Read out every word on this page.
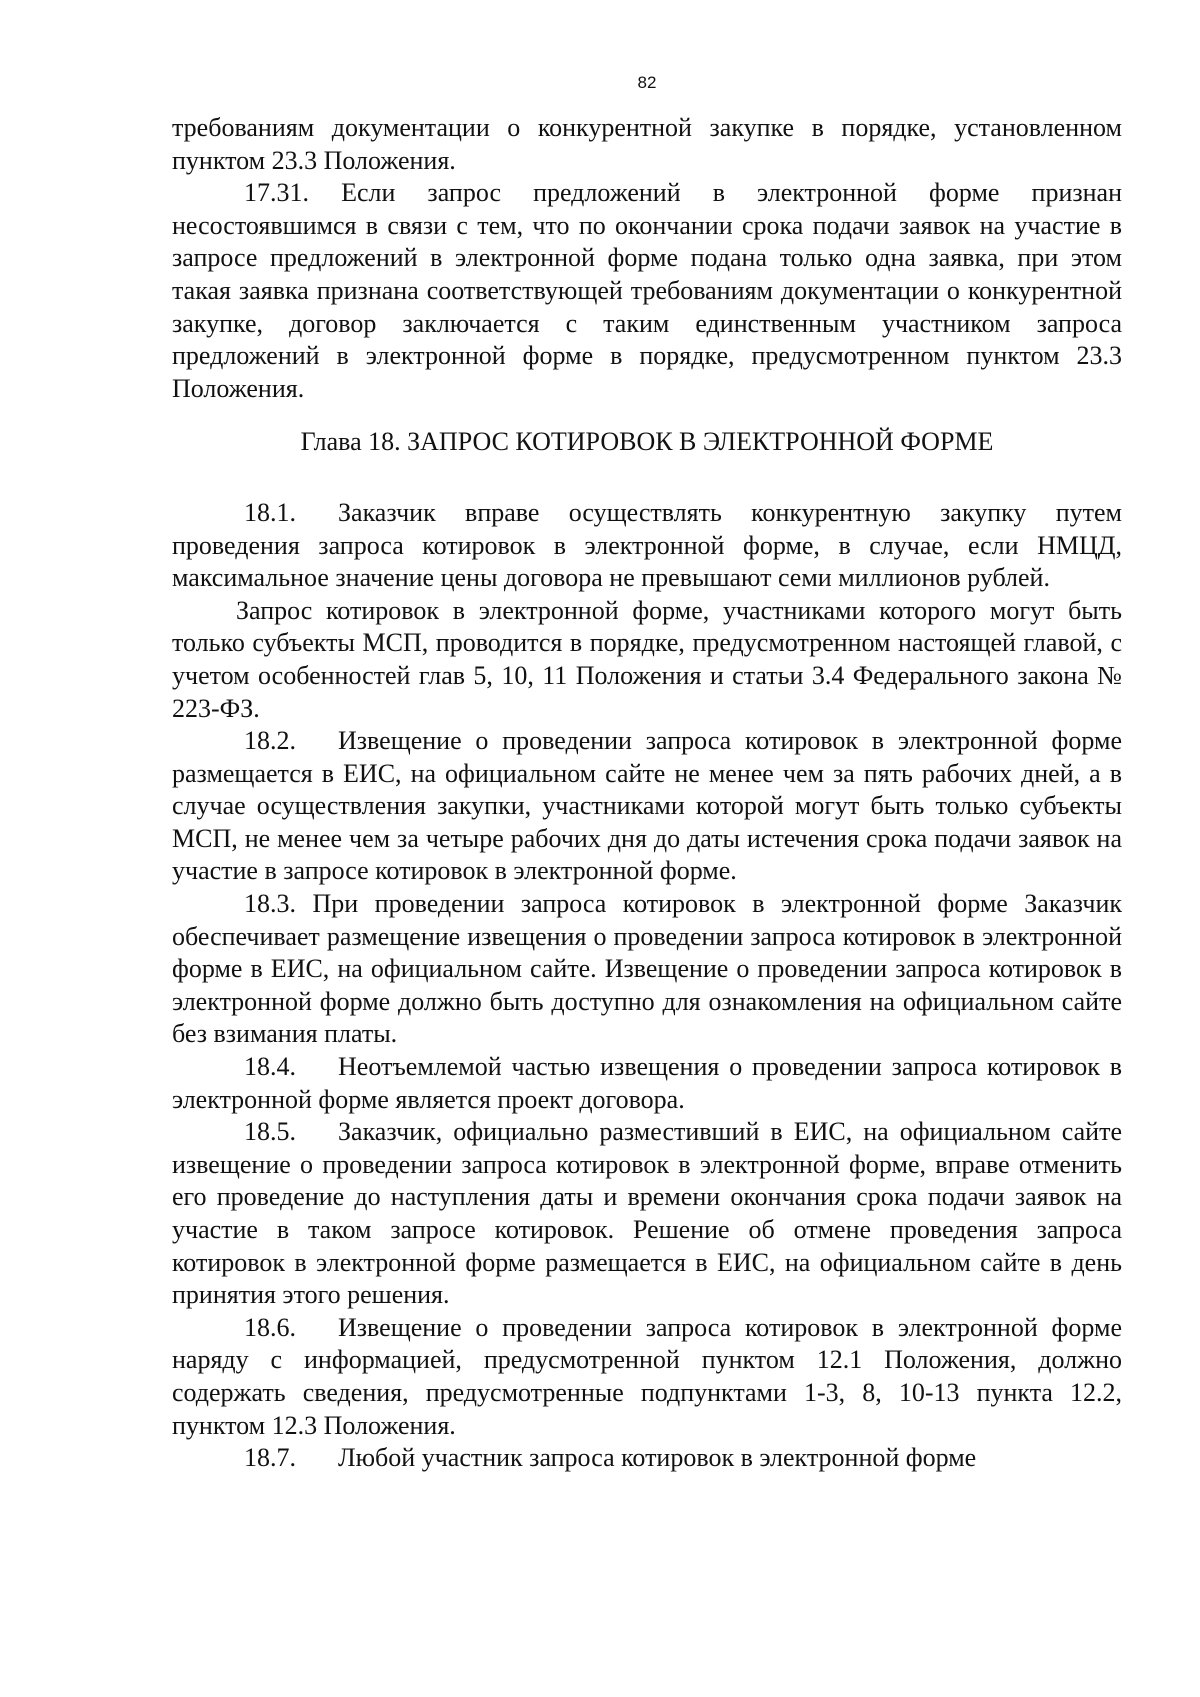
82

требованиям документации о конкурентной закупке в порядке, установленном пунктом 23.3 Положения.

17.31. Если запрос предложений в электронной форме признан несостоявшимся в связи с тем, что по окончании срока подачи заявок на участие в запросе предложений в электронной форме подана только одна заявка, при этом такая заявка признана соответствующей требованиям документации о конкурентной закупке, договор заключается с таким единственным участником запроса предложений в электронной форме в порядке, предусмотренном пунктом 23.3 Положения.

Глава 18. ЗАПРОС КОТИРОВОК В ЭЛЕКТРОННОЙ ФОРМЕ

18.1. Заказчик вправе осуществлять конкурентную закупку путем проведения запроса котировок в электронной форме, в случае, если НМЦД, максимальное значение цены договора не превышают семи миллионов рублей.

Запрос котировок в электронной форме, участниками которого могут быть только субъекты МСП, проводится в порядке, предусмотренном настоящей главой, с учетом особенностей глав 5, 10, 11 Положения и статьи 3.4 Федерального закона № 223-ФЗ.

18.2. Извещение о проведении запроса котировок в электронной форме размещается в ЕИС, на официальном сайте не менее чем за пять рабочих дней, а в случае осуществления закупки, участниками которой могут быть только субъекты МСП, не менее чем за четыре рабочих дня до даты истечения срока подачи заявок на участие в запросе котировок в электронной форме.

18.3. При проведении запроса котировок в электронной форме Заказчик обеспечивает размещение извещения о проведении запроса котировок в электронной форме в ЕИС, на официальном сайте. Извещение о проведении запроса котировок в электронной форме должно быть доступно для ознакомления на официальном сайте без взимания платы.

18.4. Неотъемлемой частью извещения о проведении запроса котировок в электронной форме является проект договора.

18.5. Заказчик, официально разместивший в ЕИС, на официальном сайте извещение о проведении запроса котировок в электронной форме, вправе отменить его проведение до наступления даты и времени окончания срока подачи заявок на участие в таком запросе котировок. Решение об отмене проведения запроса котировок в электронной форме размещается в ЕИС, на официальном сайте в день принятия этого решения.

18.6. Извещение о проведении запроса котировок в электронной форме наряду с информацией, предусмотренной пунктом 12.1 Положения, должно содержать сведения, предусмотренные подпунктами 1-3, 8, 10-13 пункта 12.2, пунктом 12.3 Положения.

18.7. Любой участник запроса котировок в электронной форме
